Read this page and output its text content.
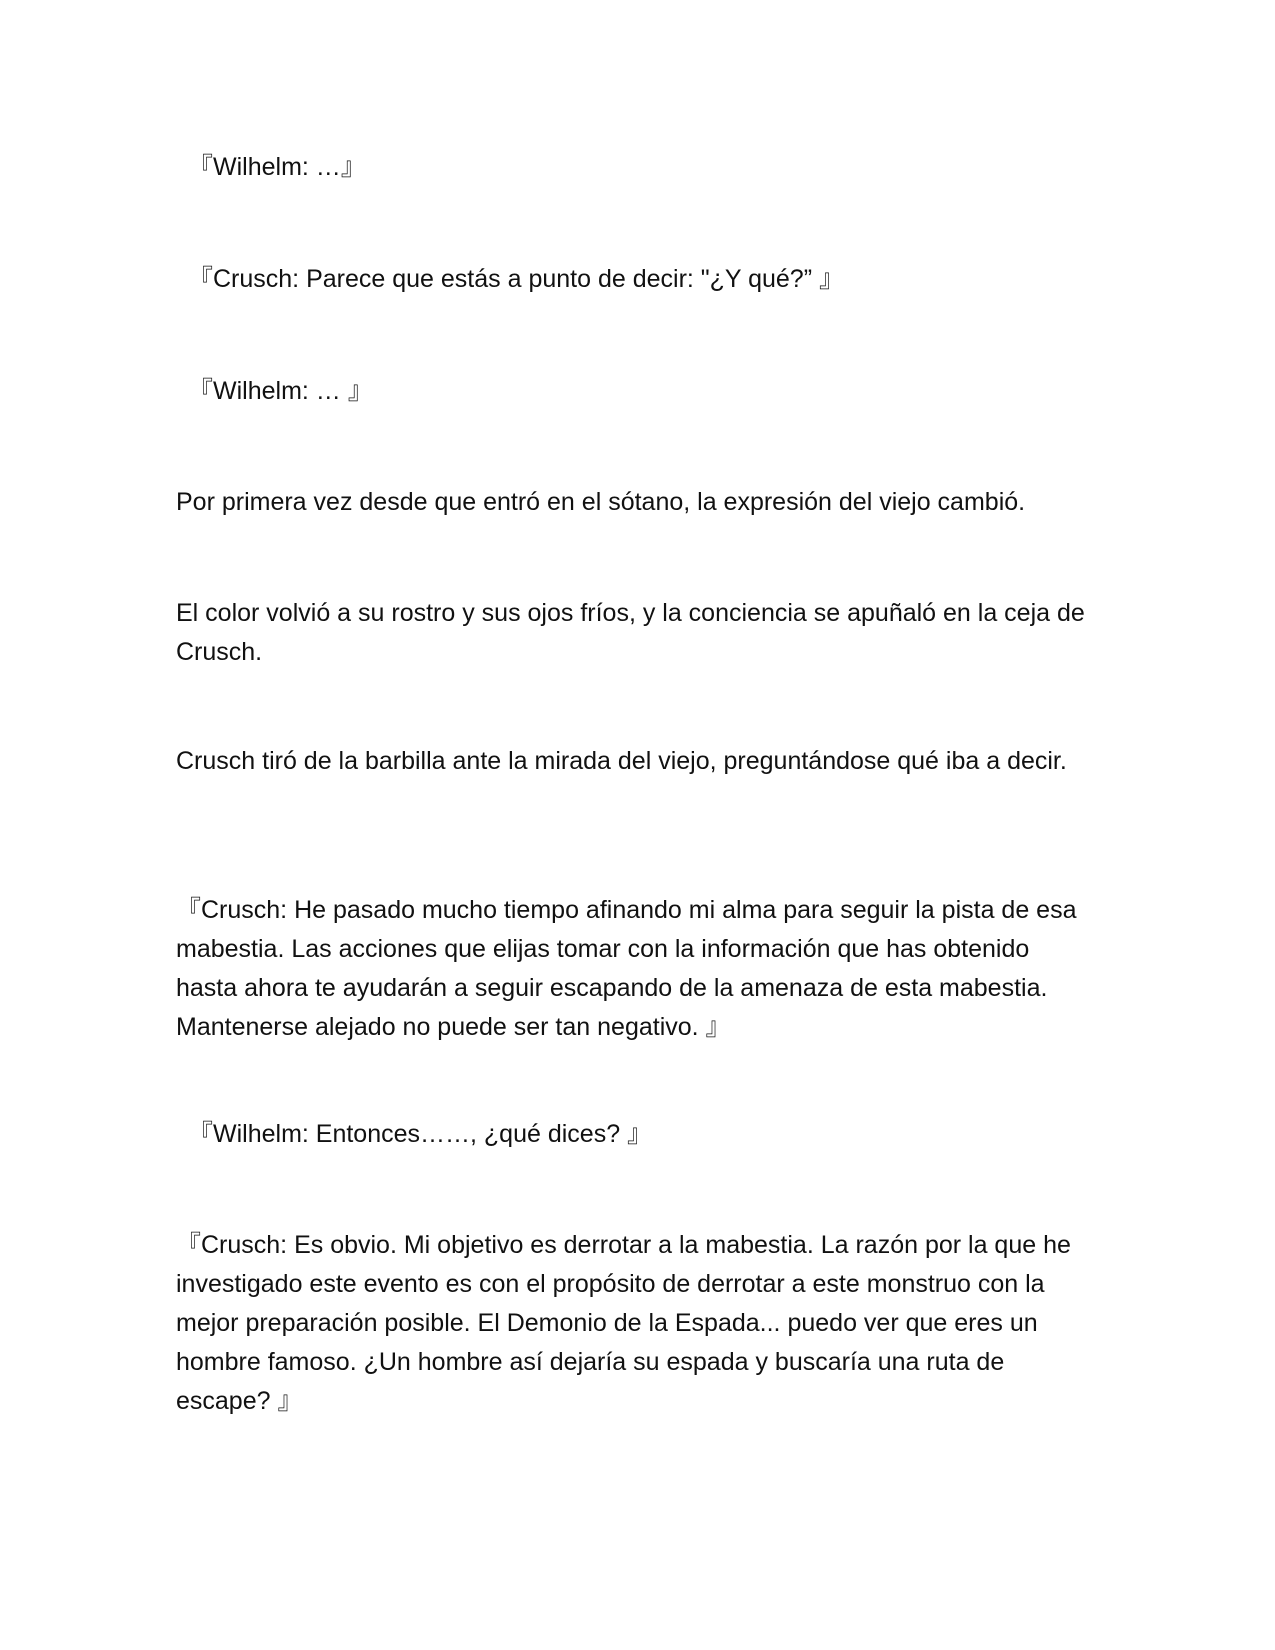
『Wilhelm: …』

『Crusch: Parece que estás a punto de decir: "¿Y qué?” 』

『Wilhelm: … 』

Por primera vez desde que entró en el sótano, la expresión del viejo cambió.

El color volvió a su rostro y sus ojos fríos, y la conciencia se apuñaló en la ceja de Crusch.

Crusch tiró de la barbilla ante la mirada del viejo, preguntándose qué iba a decir.

『Crusch: He pasado mucho tiempo afinando mi alma para seguir la pista de esa mabestia. Las acciones que elijas tomar con la información que has obtenido hasta ahora te ayudarán a seguir escapando de la amenaza de esta mabestia. Mantenerse alejado no puede ser tan negativo. 』

『Wilhelm: Entonces……, ¿qué dices? 』

『Crusch: Es obvio. Mi objetivo es derrotar a la mabestia. La razón por la que he investigado este evento es con el propósito de derrotar a este monstruo con la mejor preparación posible. El Demonio de la Espada... puedo ver que eres un hombre famoso. ¿Un hombre así dejaría su espada y buscaría una ruta de escape? 』
